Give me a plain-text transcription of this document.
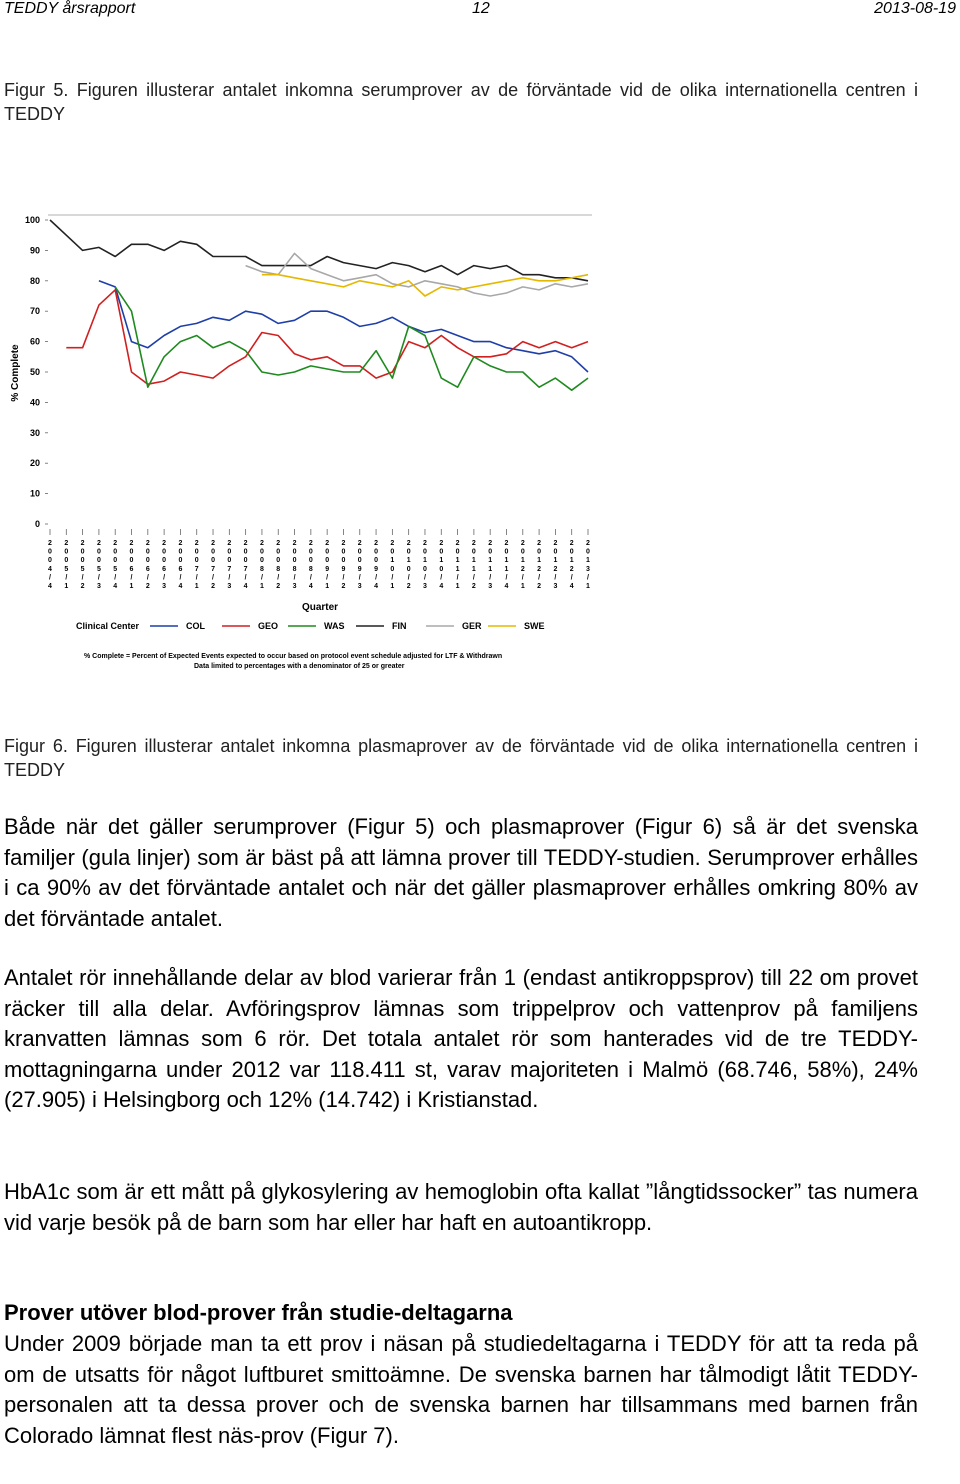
TEDDY årsrapport	12	2013-08-19
Figur 5. Figuren illusterar antalet inkomna serumprover av de förväntade vid de olika internationella centren i TEDDY
0
10
20
30
40
50
60
70
80
90
100
2 0 0 4 / 4
2 0 0 5 / 1
2 0 0 5 / 2
2 0 0 5 / 3
2 0 0 5 / 4
2 0 0 6 / 1
2 0 0 6 / 2
2 0 0 6 / 3
2 0 0 6 / 4
2 0 0 7 / 1
2 0 0 7 / 2
2 0 0 7 / 3
2 0 0 7 / 4
2 0 0 8 / 1
2 0 0 8 / 2
2 0 0 8 / 3
2 0 0 8 / 4
2 0 0 9 / 1
2 0 0 9 / 2
2 0 0 9 / 3
2 0 0 9 / 4
2 0 1 0 / 1
2 0 1 0 / 2
2 0 1 0 / 3
2 0 1 0 / 4
2 0 1 1 / 1
2 0 1 1 / 2
2 0 1 1 / 3
2 0 1 1 / 4
2 0 1 2 / 1
2 0 1 2 / 2
2 0 1 2 / 3
2 0 1 2 / 4
2 0 1 3 / 1
% Complete
Quarter
Clinical Center	COL	GEO	WAS	FIN	GER	SWE
% Complete = Percent of Expected Events expected to occur based on protocol event schedule adjusted for LTF & Withdrawn
Data limited to percentages with a denominator of 25 or greater
Figur 6. Figuren illusterar antalet inkomna plasmaprover av de förväntade vid de olika internationella centren i TEDDY

Både när det gäller serumprover (Figur 5) och plasmaprover (Figur 6) så är det svenska familjer (gula linjer) som är bäst på att lämna prover till TEDDY-studien. Serumprover erhålles i ca 90% av det förväntade antalet och när det gäller plasmaprover erhålles omkring 80% av det förväntade antalet.

Antalet rör innehållande delar av blod varierar från 1 (endast antikroppsprov) till 22 om provet räcker till alla delar. Avföringsprov lämnas som trippelprov och vattenprov på familjens kranvatten lämnas som 6 rör. Det totala antalet rör som hanterades vid de tre TEDDY-mottagningarna under 2012 var 118.411 st, varav majoriteten i Malmö (68.746, 58%), 24% (27.905) i Helsingborg och 12% (14.742) i Kristianstad.

HbA1c som är ett mått på glykosylering av hemoglobin ofta kallat ”långtidssocker” tas numera vid varje besök på de barn som har eller har haft en autoantikropp.

Prover utöver blod-prover från studie-deltagarna

Under 2009 började man ta ett prov i näsan på studiedeltagarna i TEDDY för att ta reda på om de utsatts för något luftburet smittoämne. De svenska barnen har tålmodigt låtit TEDDY-personalen att ta dessa prover och de svenska barnen har tillsammans med barnen från Colorado lämnat flest näs-prov (Figur 7).
